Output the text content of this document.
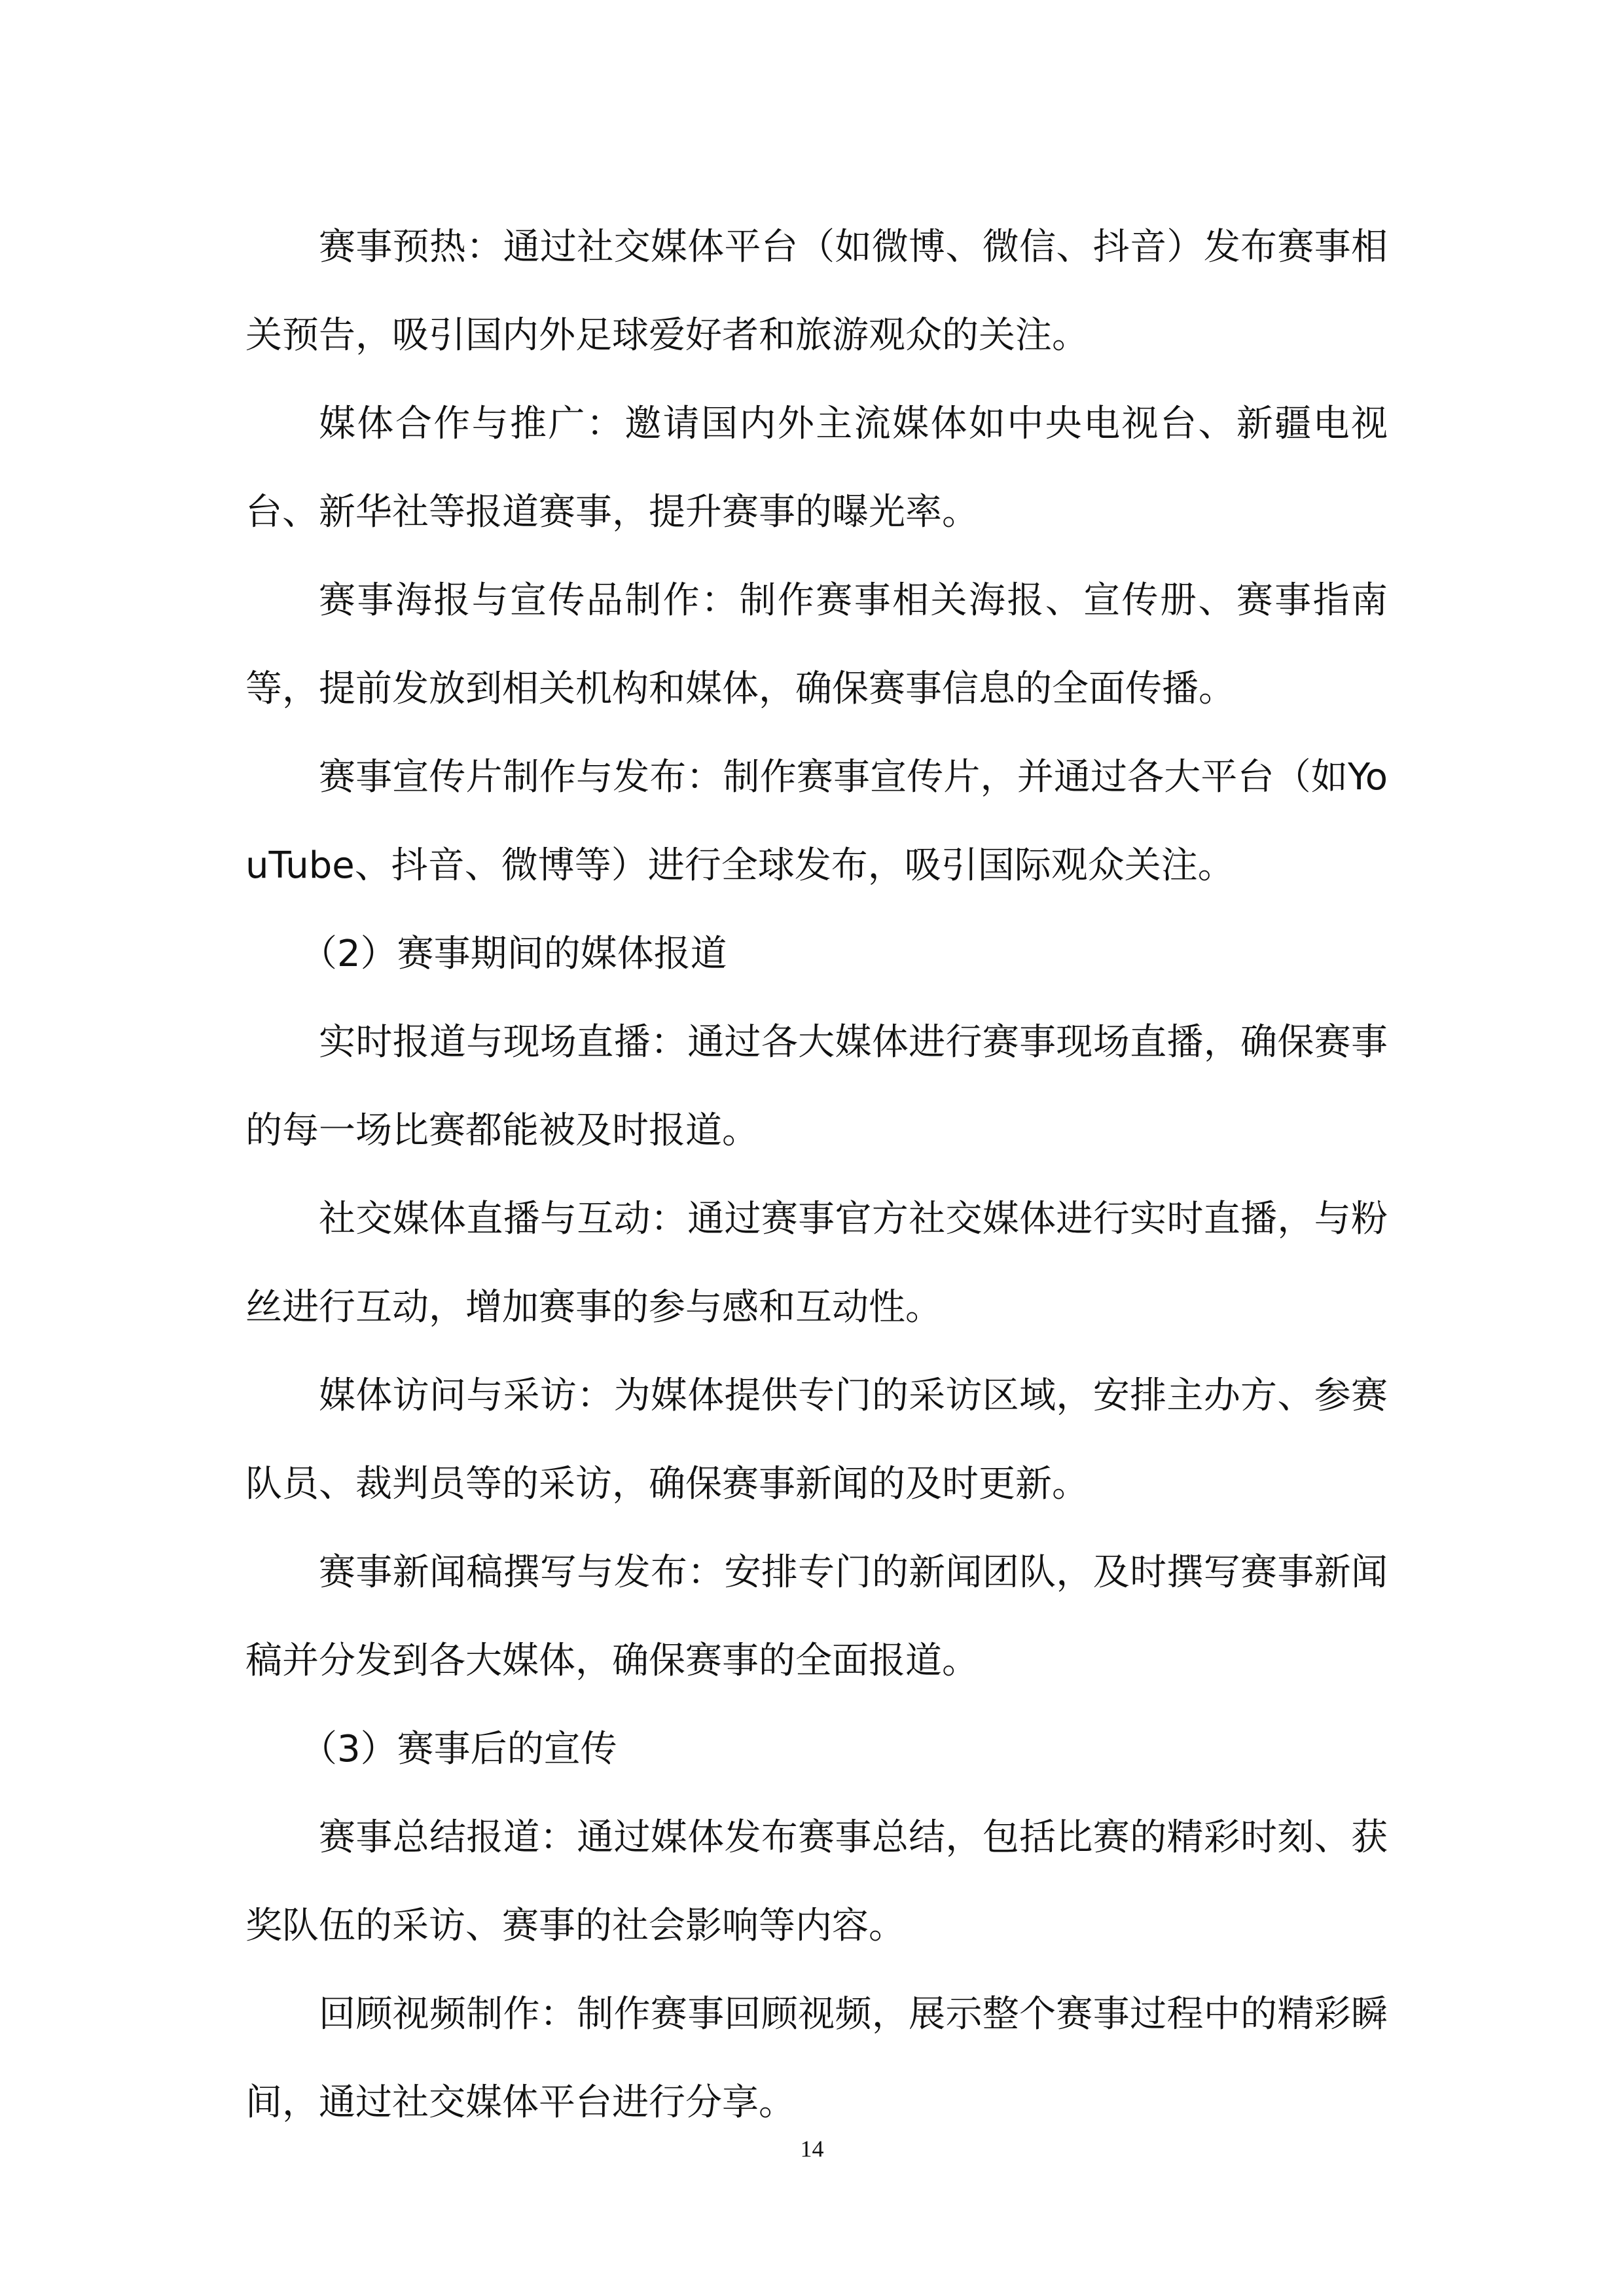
赛事预热：通过社交媒体平台（如微博、微信、抖音）发布赛事相关预告，吸引国内外足球爱好者和旅游观众的关注。

媒体合作与推广：邀请国内外主流媒体如中央电视台、新疆电视台、新华社等报道赛事，提升赛事的曝光率。

赛事海报与宣传品制作：制作赛事相关海报、宣传册、赛事指南等，提前发放到相关机构和媒体，确保赛事信息的全面传播。

赛事宣传片制作与发布：制作赛事宣传片，并通过各大平台（如YouTube、抖音、微博等）进行全球发布，吸引国际观众关注。

（2）赛事期间的媒体报道

实时报道与现场直播：通过各大媒体进行赛事现场直播，确保赛事的每一场比赛都能被及时报道。

社交媒体直播与互动：通过赛事官方社交媒体进行实时直播，与粉丝进行互动，增加赛事的参与感和互动性。

媒体访问与采访：为媒体提供专门的采访区域，安排主办方、参赛队员、裁判员等的采访，确保赛事新闻的及时更新。

赛事新闻稿撰写与发布：安排专门的新闻团队，及时撰写赛事新闻稿并分发到各大媒体，确保赛事的全面报道。

（3）赛事后的宣传

赛事总结报道：通过媒体发布赛事总结，包括比赛的精彩时刻、获奖队伍的采访、赛事的社会影响等内容。

回顾视频制作：制作赛事回顾视频，展示整个赛事过程中的精彩瞬间，通过社交媒体平台进行分享。

14
